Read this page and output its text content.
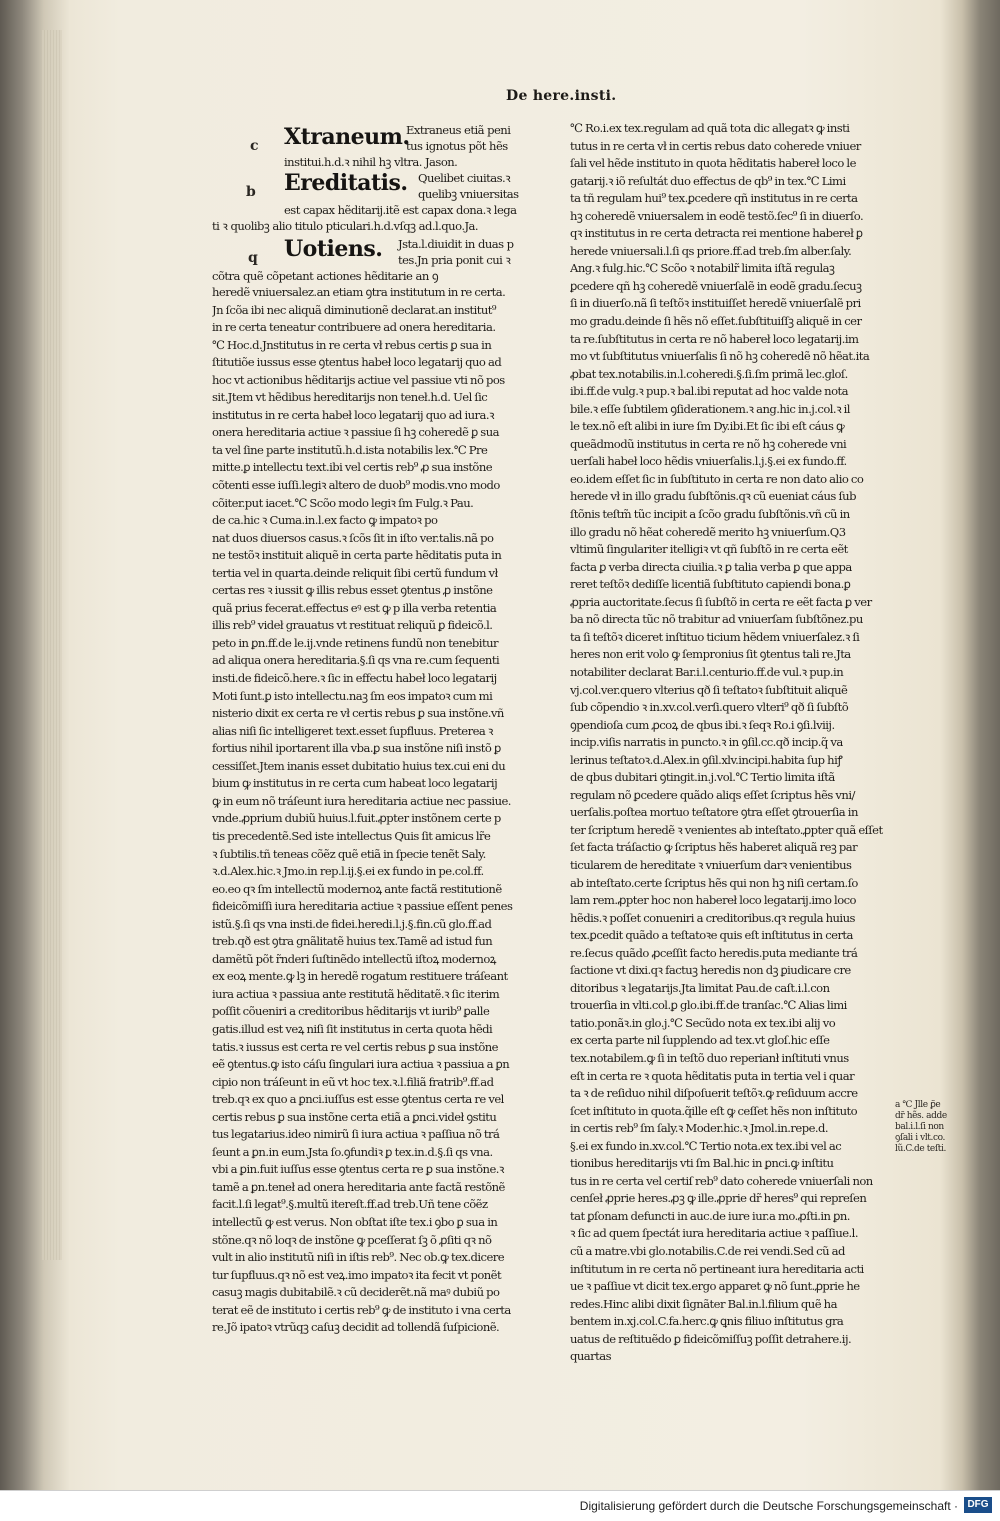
De here.insti.
c
b
q
Xtraneum.
Extraneus etiã peni
tus ignotus põt hẽs
institui.h.d.ꝛ nihil hꝫ vltra. Jason.
Ereditatis. Quelibet ciuitas.ꝛ
quelibꝫ vniuersitas
est capax hẽditarij.itẽ est capax dona.ꝛ lega
ti ꝛ quolibꝫ alio titulo pticulari.h.d.vſqꝫ ad.l.quo.Ja.
Uotiens. Jsta.l.diuidit in duas p
tes.Jn pria ponit cui ꝛ
cõtra quẽ cõpetant actiones hẽditarie an ꝯ

heredẽ vniuersalez.an etiam ꝯtra institutum in re certa.

Jn ſcõa ibi nec aliquã diminutionẽ declarat.an institut⁹

in re certa teneatur contribuere ad onera hereditaria.

℃ Hoc.d.Jnstitutus in re certa vł rebus certis ꝑ sua in

ſtitutiõe iussus esse ꝯtentus habeł loco legatarij quo ad

hoc vt actionibus hẽditarijs actiue vel passiue vti nõ pos

sit.Jtem vt hẽdibus hereditarijs non teneł.h.d. Uel ſic

institutus in re certa habeł loco legatarij quo ad iura.ꝛ

onera hereditaria actiue ꝛ passiue ſi hꝫ coheredẽ ꝑ sua

ta vel ſine parte institutũ.h.d.ista notabilis lex.℃ Pre

mitte.ꝑ intellectu text.ibi vel certis reb⁹ ꝓ sua instõne

cõtenti esse iuſſi.legiꝛ altero de duob⁹ modis.vno modo

cõiter.put iacet.℃ Scõo modo legiꝛ ſm Fulg.ꝛ Pau.

de ca.hic ꝛ Cuma.in.l.ex facto ꝙ impatoꝛ po

nat duos diuersos casus.ꝛ ſcõs ſit in iſto ver.talis.nã po

ne testõꝛ instituit aliquẽ in certa parte hẽditatis puta in

tertia vel in quarta.deinde reliquit ſibi certũ fundum vł

certas res ꝛ iussit ꝙ illis rebus esset ꝯtentus ꝓ instõne

quã prius fecerat.effectus eꝰ est ꝙ p illa verba retentia

illis reb⁹ videł grauatus vt restituat reliquũ ꝑ fideicõ.l.

peto in ꝑn.ff.de le.ij.vnde retinens fundũ non tenebitur

ad aliqua onera hereditaria.§.ſi qs vna re.cum ſequenti

insti.de fideicõ.here.ꝛ ſic in effectu habeł loco legatarij

Moti ſunt.ꝑ isto intellectu.naꝫ ſm eos impatoꝛ cum mi

nisterio dixit ex certa re vł certis rebus ꝑ sua instõne.vñ

alias niſi ſic intelligeret text.esset ſupfluus. Preterea ꝛ

fortius nihil iportarent illa vba.ꝑ sua instõne niſi instõ ꝑ

cessiſſet.Jtem inanis esset dubitatio huius tex.cui eni du

bium ꝙ institutus in re certa cum habeat loco legatarij

ꝙ in eum nõ tráſeunt iura hereditaria actiue nec passiue.

vnde.ꝓprium dubiũ huius.l.fuit.ꝓpter instõnem certe p

tis precedentẽ.Sed iste intellectus Quis ſit amicus lr̃e

ꝛ ſubtilis.tñ teneas cõẽz quẽ etiã in ſpecie tenẽt Saly.

ꝛ.d.Alex.hic.ꝛ Jmo.in rep.l.ij.§.ei ex fundo in pe.col.ff.

eo.eo qꝛ ſm intellectũ modernoꝝ ante factã restitutionẽ

fideicõmiſſi iura hereditaria actiue ꝛ passiue eſſent penes

istũ.§.ſi qs vna insti.de fidei.heredi.l.j.§.fin.cũ glo.ff.ad

treb.qð est ꝯtra gnãlitatẽ huius tex.Tamẽ ad istud fun

damẽtũ põt r̃nderi ſuſtinẽdo intellectũ iſtoꝝ modernoꝝ

ex eoꝝ mente.ꝙ lꝫ in heredẽ rogatum restituere tráſeant

iura actiua ꝛ passiua ante restitutã hẽditatẽ.ꝛ ſic iterim

poſſit cõueniri a creditoribus hẽditarijs vt iurib⁹ ꝑalle

gatis.illud est veꝝ niſi ſit institutus in certa quota hẽdi

tatis.ꝛ iussus est certa re vel certis rebus ꝑ sua instõne

eẽ ꝯtentus.ꝙ isto cáſu ſingulari iura actiua ꝛ passiua a ꝑn

cipio non tráſeunt in eũ vt hoc tex.ꝛ.l.filiã fratrib⁹.ff.ad

treb.qꝛ ex quo a ꝑnci.iuſſus est esse ꝯtentus certa re vel

certis rebus ꝑ sua instõne certa etiã a ꝑnci.videł ꝯstitu

tus legatarius.ideo nimirũ ſi iura actiua ꝛ paſſiua nõ trá

ſeunt a ꝑn.in eum.Jsta ſo.ꝯfundiꝛ ꝑ tex.in.d.§.ſi qs vna.

vbi a ꝑin.fuit iuſſus esse ꝯtentus certa re ꝑ sua instõne.ꝛ

tamẽ a ꝑn.teneł ad onera hereditaria ante factã restõnẽ

facit.l.ſi legat⁹.§.multũ itereſt.ff.ad treb.Uñ tene cõẽz

intellectũ ꝙ est verus. Non obſtat iſte tex.i ꝯbo ꝑ sua in

stõne.qꝛ nõ loqꝛ de instõne ꝙ pceſſerat ſꝫ õ ꝓſiti qꝛ nõ

vult in alio institutũ niſi in iſtis reb⁹. Nec ob.ꝙ tex.dicere

tur ſupfluus.qꝛ nõ est veꝝ.imo impatoꝛ ita fecit vt ponẽt

casuꝫ magis dubitabilẽ.ꝛ cũ deciderẽt.nã maꝰ dubiũ po

terat eẽ de instituto i certis reb⁹ ꝙ de instituto i vna certa

re.Jõ ipatoꝛ vtrũqꝫ caſuꝫ decidit ad tollendã ſuſpicionẽ.

℃ Ro.i.ex tex.regulam ad quã tota dic allegatꝛ ꝙ insti

tutus in re certa vł in certis rebus dato coherede vniuer

ſali vel hẽde instituto in quota hẽditatis habereł loco le

gatarij.ꝛ iõ reſultát duo effectus de qb⁹ in tex.℃ Limi

ta tñ regulam hui⁹ tex.ꝑcedere qñ institutus in re certa

hꝫ coheredẽ vniuersalem in eodẽ testõ.ſec⁹ ſi in diuerſo.

qꝛ institutus in re certa detracta rei mentione habereł ꝑ

herede vniuersali.l.ſi qs priore.ff.ad treb.ſm alber.ſaly.

Ang.ꝛ fulg.hic.℃ Scõo ꝛ notabilr̃ limita iſtã regulaꝫ

ꝑcedere qñ hꝫ coheredẽ vniuerſalẽ in eodẽ gradu.ſecuꝫ

ſi in diuerſo.nã ſi teſtõꝛ instituiſſet heredẽ vniuerſalẽ pri

mo gradu.deinde ſi hẽs nõ eſſet.ſubſtituiſſꝫ aliquẽ in cer

ta re.ſubſtitutus in certa re nõ habereł loco legatarij.im

mo vt ſubſtitutus vniuerſalis ſi nõ hꝫ coheredẽ nõ hẽat.ita

ꝓbat tex.notabilis.in.l.coheredi.§.ſi.ſm primã lec.gloſ.

ibi.ff.de vulg.ꝛ pup.ꝛ bal.ibi reputat ad hoc valde nota

bile.ꝛ eſſe ſubtilem ꝯſiderationem.ꝛ ang.hic in.j.col.ꝛ il

le tex.nõ eſt alibi in iure ſm Dy.ibi.Et ſic ibi eſt cáus ꝙ

queãdmodũ institutus in certa re nõ hꝫ coherede vni

uerſali habeł loco hẽdis vniuerſalis.l.j.§.ei ex fundo.ff.

eo.idem eſſet ſic in ſubſtituto in certa re non dato alio co

herede vł in illo gradu ſubſtõnis.qꝛ cũ eueniat cáus ſub

ſtõnis teſtm̃ tũc incipit a ſcõo gradu ſubſtõnis.vñ cũ in

illo gradu nõ hẽat coheredẽ merito hꝫ vniuerſum.Q3

vltimũ ſingulariter itelligiꝛ vt qñ ſubſtõ in re certa eẽt

facta ꝑ verba directa ciuilia.ꝛ ꝑ talia verba ꝑ que appa

reret teſtõꝛ dediſſe licentiã ſubſtituto capiendi bona.ꝑ

ꝓpria auctoritate.ſecus ſi ſubſtõ in certa re eẽt facta ꝑ ver

ba nõ directa tũc nõ trabitur ad vniuerſam ſubſtõnez.pu

ta ſi teſtõꝛ diceret inſtituo ticium hẽdem vniuerſalez.ꝛ ſi

heres non erit volo ꝙ ſempronius ſit ꝯtentus tali re.Jta

notabiliter declarat Bar.i.l.centurio.ff.de vul.ꝛ pup.in

vj.col.ver.quero vlterius qð ſi teſtatoꝛ ſubſtituit aliquẽ

ſub cõpendio ꝛ in.xv.col.verſi.quero vlteri⁹ qð ſi ſubſtõ

ꝯpendioſa cum ꝓcoꝝ de qbus ibi.ꝛ ſeqꝛ Ro.i ꝯſi.lviij.

incip.viſis narratis in puncto.ꝛ in ꝯſil.cc.qð incip.q̃ va

lerinus teſtatoꝛ.d.Alex.in ꝯſil.xlv.incipi.habita ſup hiꝭ

de qbus dubitari ꝯtingit.in.j.vol.℃ Tertio limita iſtã

regulam nõ ꝑcedere quãdo aliqs eſſet ſcriptus hẽs vni/

uerſalis.poſtea mortuo teſtatore ꝯtra eſſet ꝯtrouerſia in

ter ſcriptum heredẽ ꝛ venientes ab inteſtato.ꝓpter quã eſſet

ſet facta tráſactio ꝙ ſcriptus hẽs haberet aliquã reꝫ par

ticularem de hereditate ꝛ vniuerſum darꝛ venientibus

ab inteſtato.certe ſcriptus hẽs qui non hꝫ niſi certam.ſo

lam rem.ꝓpter hoc non habereł loco legatarij.imo loco

hẽdis.ꝛ poſſet conueniri a creditoribus.qꝛ regula huius

tex.ꝑcedit quãdo a teſtatoꝛe quis eſt inſtitutus in certa

re.ſecus quãdo ꝓceſſit facto heredis.puta mediante trá

ſactione vt dixi.qꝛ factuꝫ heredis non dꝫ ꝑiudicare cre

ditoribus ꝛ legatarijs.Jta limitat Pau.de caſt.i.l.con

trouerſia in vlti.col.ꝑ glo.ibi.ff.de tranſac.℃ Alias limi

tatio.ponãꝛ.in glo.j.℃ Secũdo nota ex tex.ibi alij vo

ex certa parte nil ſupplendo ad tex.vt gloſ.hic eſſe

tex.notabilem.ꝙ ſi in teſtõ duo reperianł inſtituti vnus

eſt in certa re ꝛ quota hẽditatis puta in tertia vel i quar

ta ꝛ de reſiduo nihil diſpoſuerit teſtõꝛ.ꝙ reſiduum accre

ſcet inſtituto in quota.q̃ille eſt ꝙ ceſſet hẽs non inſtituto

in certis reb⁹ ſm ſaly.ꝛ Moder.hic.ꝛ Jmol.in.repe.d.

§.ei ex fundo in.xv.col.℃ Tertio nota.ex tex.ibi vel ac

tionibus hereditarijs vti ſm Bal.hic in ꝑnci.ꝙ inſtitu

tus in re certa vel certiſ reb⁹ dato coherede vniuerſali non

cenſeł ꝓprie heres.ꝓꝫ ꝙ ille.ꝓprie dr̃ heres⁹ qui repreſen

tat ꝑſonam defuncti in auc.de iure iur.a mo.ꝓſti.in ꝑn.

ꝛ ſic ad quem ſpectát iura hereditaria actiue ꝛ paſſiue.l.

cũ a matre.vbi glo.notabilis.C.de rei vendi.Sed cũ ad

inſtitutum in re certa nõ pertineant iura hereditaria acti

ue ꝛ paſſiue vt dicit tex.ergo apparet ꝙ nõ ſunt.ꝓprie he

redes.Hinc alibi dixit ſignãter Bal.in.l.filium quẽ ha

bentem in.xj.col.C.fa.herc.ꝙ ꝗnis filiuo inſtitutus gra

uatus de reſtituẽdo ꝑ fideicõmiſſuꝫ poſſit detrahere.ij.

quartas

a ℃ Jlle ꝑ̃e

dr̃ hẽs. adde

bal.i.l.ſi non

ꝯſali i vlt.co.

lũ.C.de teſti.

Digitalisierung gefördert durch die Deutsche Forschungsgemeinschaft · DFG
